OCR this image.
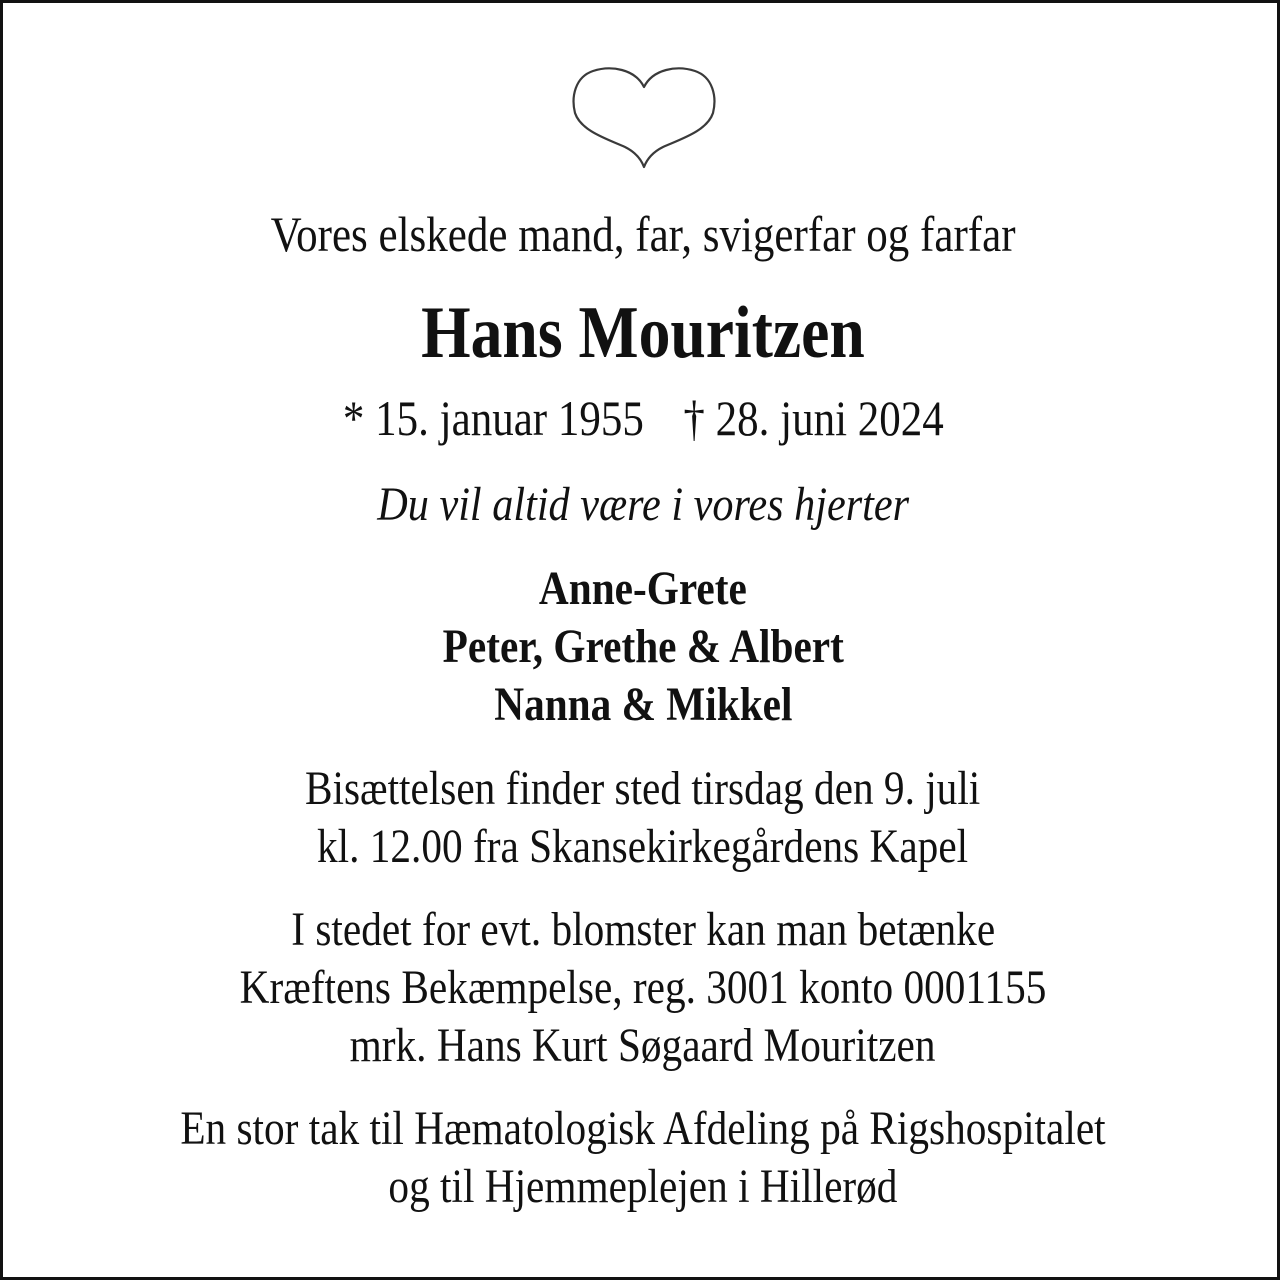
Vores elskede mand, far, svigerfar og farfar
Hans Mouritzen
* 15. januar 1955 † 28. juni 2024
Du vil altid være i vores hjerter
Anne-Grete
Peter, Grethe & Albert
Nanna & Mikkel
Bisættelsen finder sted tirsdag den 9. juli
kl. 12.00 fra Skansekirkegårdens Kapel
I stedet for evt. blomster kan man betænke
Kræftens Bekæmpelse, reg. 3001 konto 0001155
mrk. Hans Kurt Søgaard Mouritzen
En stor tak til Hæmatologisk Afdeling på Rigshospitalet
og til Hjemmeplejen i Hillerød
